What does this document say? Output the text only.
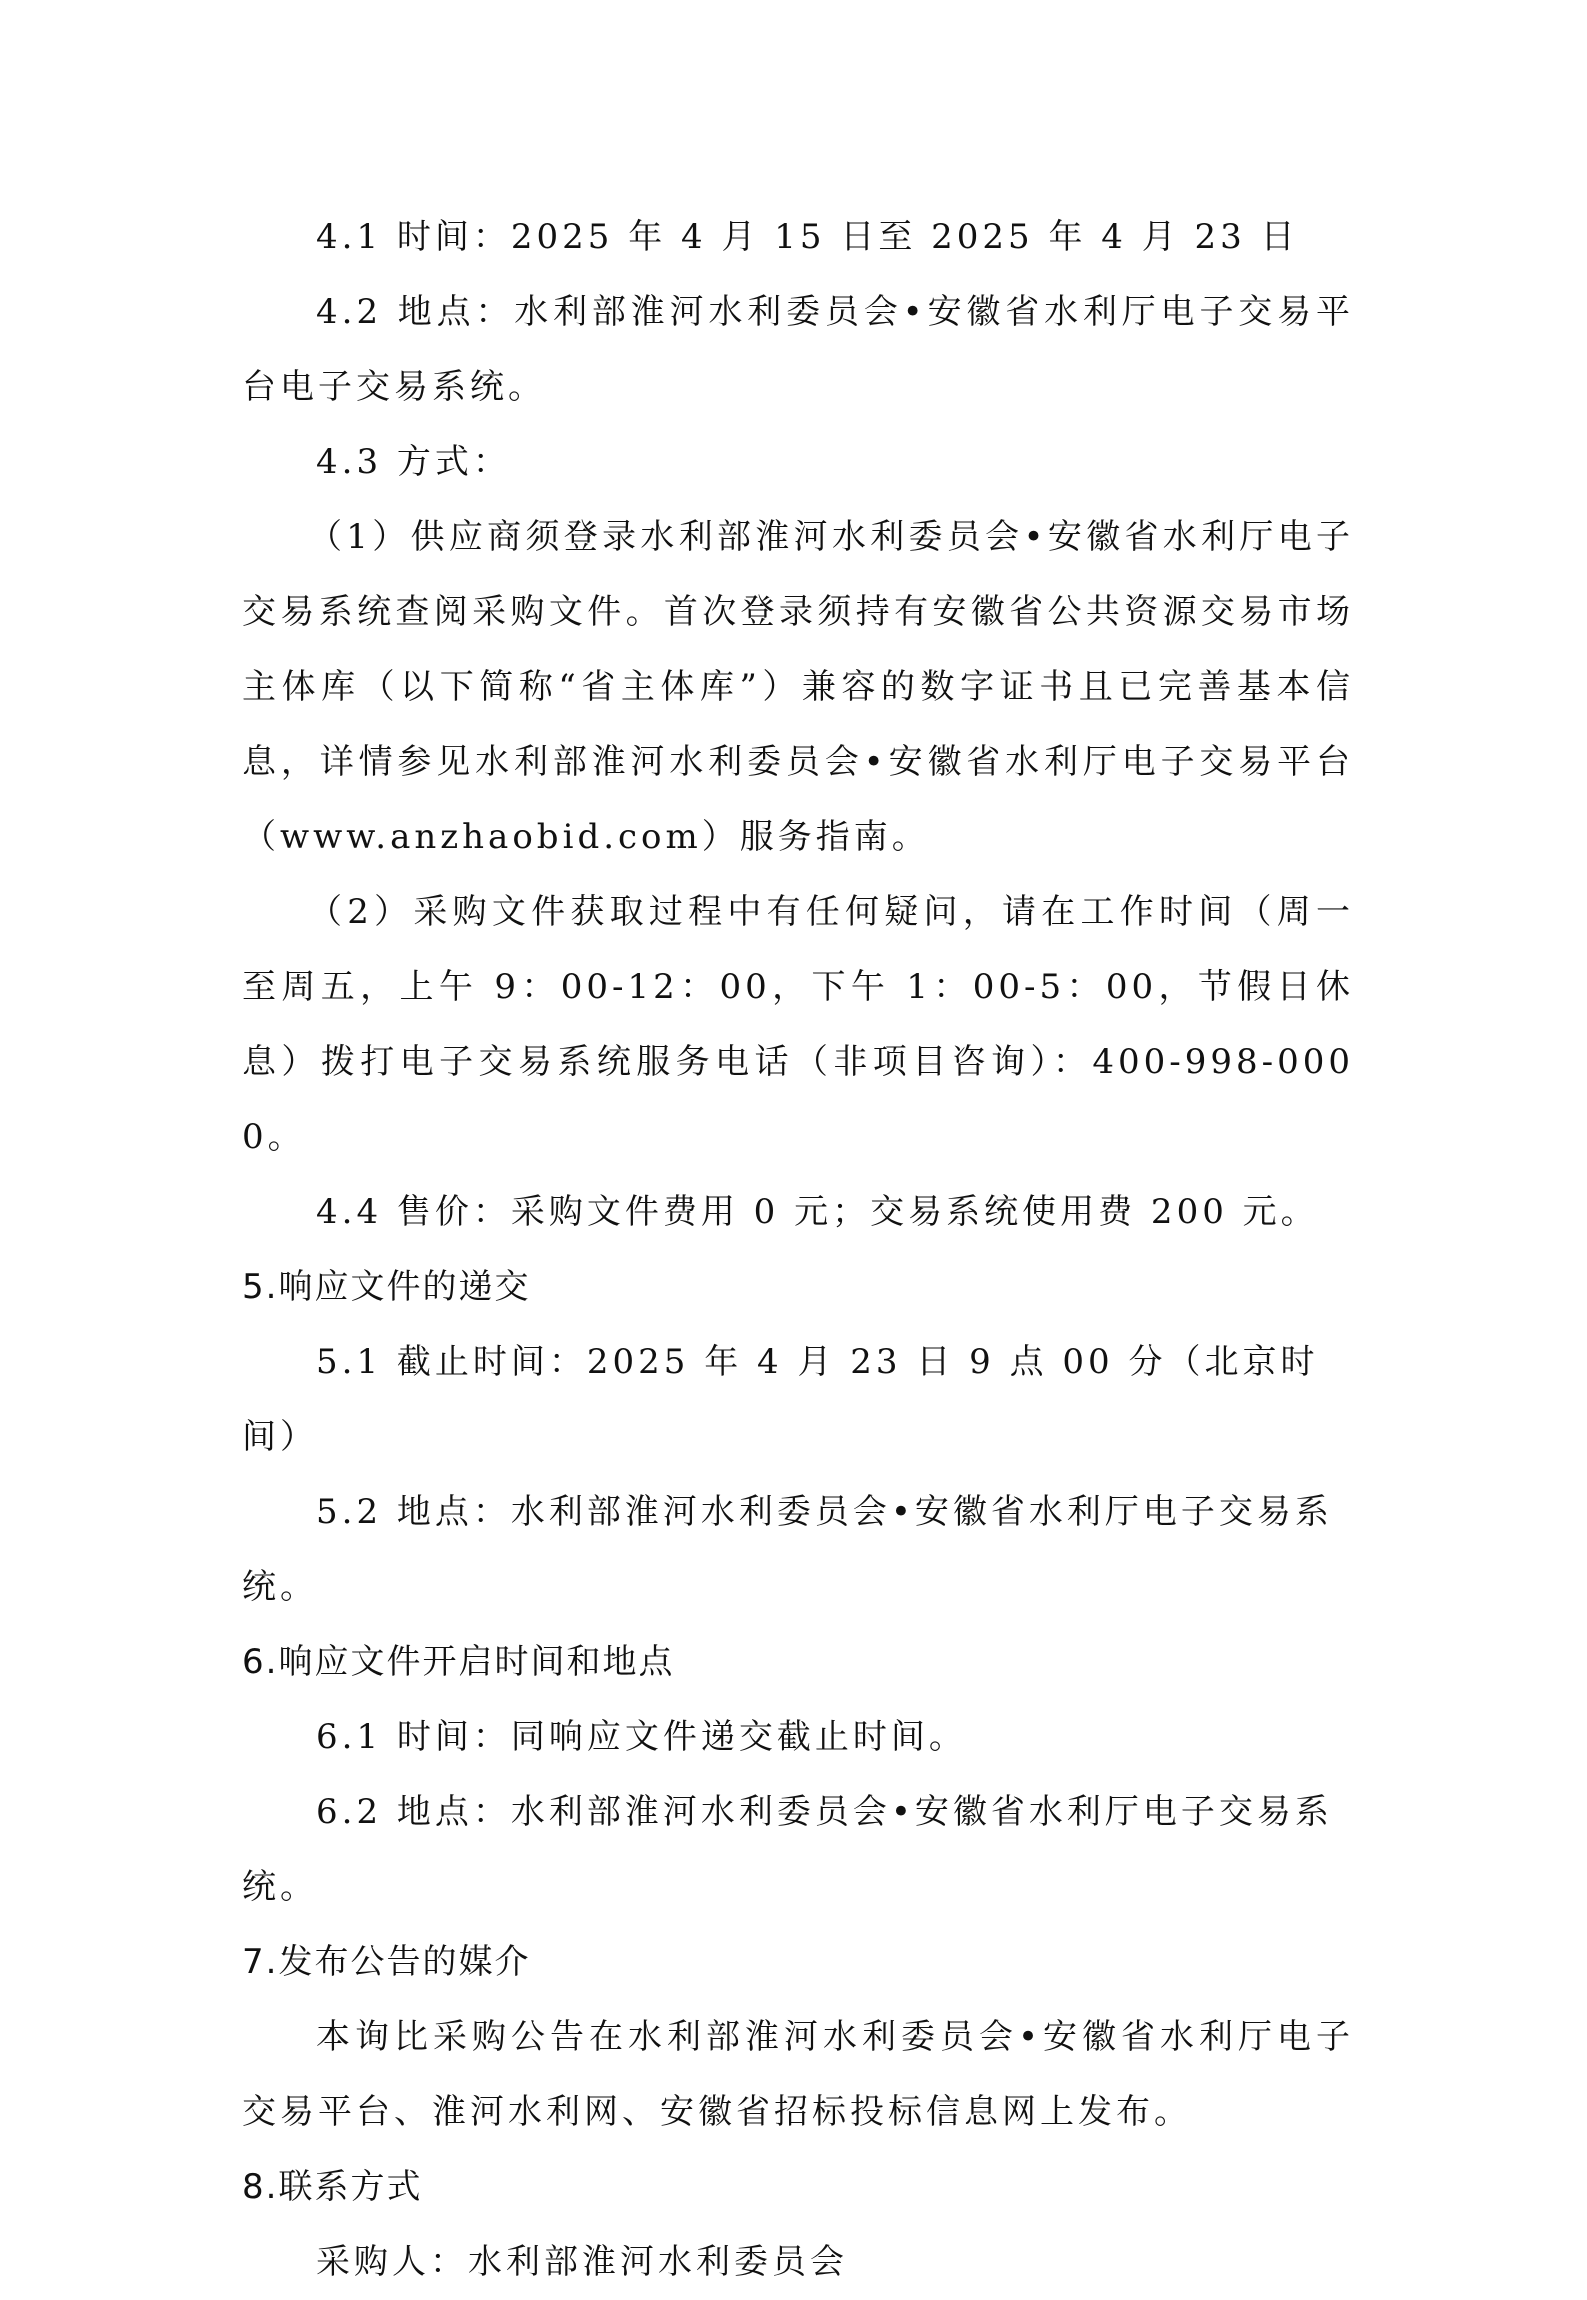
4.1 时间：2025 年 4 月 15 日至 2025 年 4 月 23 日

4.2 地点：水利部淮河水利委员会•安徽省水利厅电子交易平台电子交易系统。

4.3 方式：

（1）供应商须登录水利部淮河水利委员会•安徽省水利厅电子交易系统查阅采购文件。首次登录须持有安徽省公共资源交易市场主体库（以下简称“省主体库”）兼容的数字证书且已完善基本信息，详情参见水利部淮河水利委员会•安徽省水利厅电子交易平台（www.anzhaobid.com）服务指南。

（2）采购文件获取过程中有任何疑问，请在工作时间（周一至周五，上午 9：00-12：00，下午 1：00-5：00，节假日休息）拨打电子交易系统服务电话（非项目咨询）：400-998-0000。

4.4 售价：采购文件费用 0 元；交易系统使用费 200 元。

5.响应文件的递交

5.1 截止时间：2025 年 4 月 23 日 9 点 00 分（北京时间）

5.2 地点：水利部淮河水利委员会•安徽省水利厅电子交易系统。

6.响应文件开启时间和地点

6.1 时间：同响应文件递交截止时间。

6.2 地点：水利部淮河水利委员会•安徽省水利厅电子交易系统。

7.发布公告的媒介

本询比采购公告在水利部淮河水利委员会•安徽省水利厅电子交易平台、淮河水利网、安徽省招标投标信息网上发布。

8.联系方式

采购人：水利部淮河水利委员会
